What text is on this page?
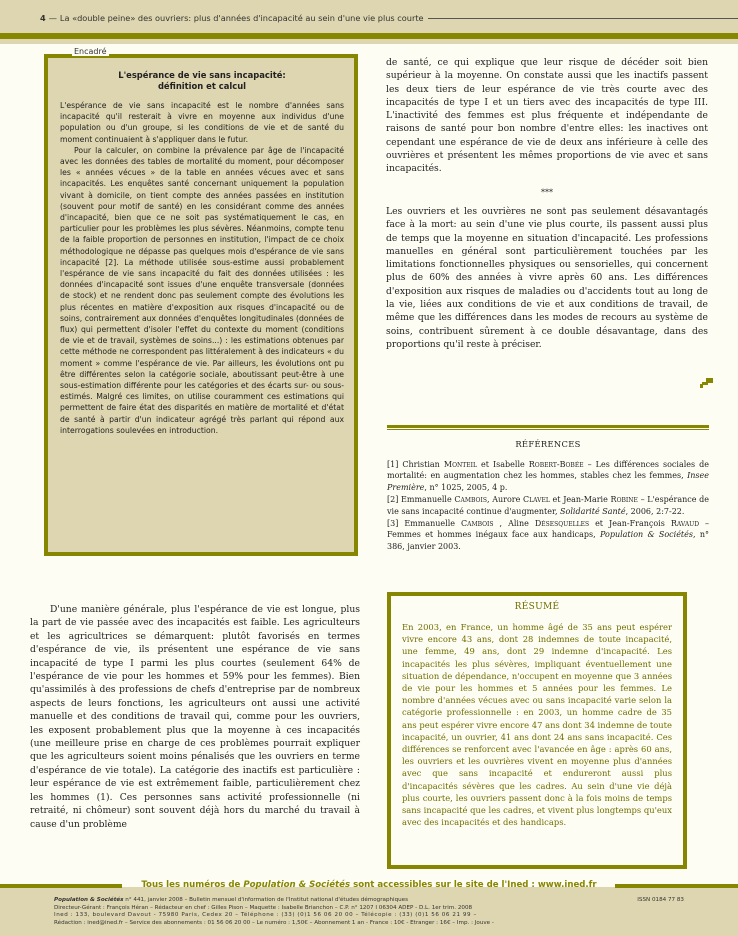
4 — La «double peine» des ouvriers: plus d'années d'incapacité au sein d'une vie plus courte
Encadré
L'espérance de vie sans incapacité:
définition et calcul

L'espérance de vie sans incapacité est le nombre d'années sans incapacité qu'il resterait à vivre en moyenne aux individus d'une population ou d'un groupe, si les conditions de vie et de santé du moment continuaient à s'appliquer dans le futur.

Pour la calculer, on combine la prévalence par âge de l'incapacité avec les données des tables de mortalité du moment, pour décomposer les « années vécues » de la table en années vécues avec et sans incapacités. Les enquêtes santé concernant uniquement la population vivant à domicile, on tient compte des années passées en institution (souvent pour motif de santé) en les considérant comme des années d'incapacité, bien que ce ne soit pas systématiquement le cas, en particulier pour les problèmes les plus sévères. Néanmoins, compte tenu de la faible proportion de personnes en institution, l'impact de ce choix méthodologique ne dépasse pas quelques mois d'espérance de vie sans incapacité [2]. La méthode utilisée sous-estime aussi probablement l'espérance de vie sans incapacité du fait des données utilisées : les données d'incapacité sont issues d'une enquête transversale (données de stock) et ne rendent donc pas seulement compte des évolutions les plus récentes en matière d'exposition aux risques d'incapacité ou de soins, contrairement aux données d'enquêtes longitudinales (données de flux) qui permettent d'isoler l'effet du contexte du moment (conditions de vie et de travail, systèmes de soins...) : les estimations obtenues par cette méthode ne correspondent pas littéralement à des indicateurs « du moment » comme l'espérance de vie. Par ailleurs, les évolutions ont pu être différentes selon la catégorie sociale, aboutissant peut-être à une sous-estimation différente pour les catégories et des écarts sur- ou sous-estimés. Malgré ces limites, on utilise couramment ces estimations qui permettent de faire état des disparités en matière de mortalité et d'état de santé à partir d'un indicateur agrégé très parlant qui répond aux interrogations soulevées en introduction.

D'une manière générale, plus l'espérance de vie est longue, plus la part de vie passée avec des incapacités est faible. Les agriculteurs et les agricultrices se démarquent: plutôt favorisés en termes d'espérance de vie, ils présentent une espérance de vie sans incapacité de type I parmi les plus courtes (seulement 64% de l'espérance de vie pour les hommes et 59% pour les femmes). Bien qu'assimilés à des professions de chefs d'entreprise par de nombreux aspects de leurs fonctions, les agriculteurs ont aussi une activité manuelle et des conditions de travail qui, comme pour les ouvriers, les exposent probablement plus que la moyenne à ces incapacités (une meilleure prise en charge de ces problèmes pourrait expliquer que les agriculteurs soient moins pénalisés que les ouvriers en terme d'espérance de vie totale). La catégorie des inactifs est particulière : leur espérance de vie est extrêmement faible, particulièrement chez les hommes (1). Ces personnes sans activité professionnelle (ni retraité, ni chômeur) sont souvent déjà hors du marché du travail à cause d'un problème

de santé, ce qui explique que leur risque de décéder soit bien supérieur à la moyenne. On constate aussi que les inactifs passent les deux tiers de leur espérance de vie très courte avec des incapacités de type I et un tiers avec des incapacités de type III. L'inactivité des femmes est plus fréquente et indépendante de raisons de santé pour bon nombre d'entre elles: les inactives ont cependant une espérance de vie de deux ans inférieure à celle des ouvrières et présentent les mêmes proportions de vie avec et sans incapacités.

***

Les ouvriers et les ouvrières ne sont pas seulement désavantagés face à la mort: au sein d'une vie plus courte, ils passent aussi plus de temps que la moyenne en situation d'incapacité. Les professions manuelles en général sont particulièrement touchées par les limitations fonctionnelles physiques ou sensorielles, qui concernent plus de 60% des années à vivre après 60 ans. Les différences d'exposition aux risques de maladies ou d'accidents tout au long de la vie, liées aux conditions de vie et aux conditions de travail, de même que les différences dans les modes de recours au système de soins, contribuent sûrement à ce double désavantage, dans des proportions qu'il reste à préciser.

RÉFÉRENCES
[1] Christian Monteil et Isabelle Robert-Bobée – Les différences sociales de mortalité: en augmentation chez les hommes, stables chez les femmes, Insee Première, n° 1025, 2005, 4 p.
[2] Emmanuelle Cambois, Aurore Clavel et Jean-Marie Robine – L'espérance de vie sans incapacité continue d'augmenter, Solidarité Santé, 2006, 2:7-22.
[3] Emmanuelle Cambois , Aline Désesquelles et Jean-François Ravaud – Femmes et hommes inégaux face aux handicaps, Population & Sociétés, n° 386, janvier 2003.
RÉSUMÉ

En 2003, en France, un homme âgé de 35 ans peut espérer vivre encore 43 ans, dont 28 indemnes de toute incapacité, une femme, 49 ans, dont 29 indemne d'incapacité. Les incapacités les plus sévères, impliquant éventuellement une situation de dépendance, n'occupent en moyenne que 3 années de vie pour les hommes et 5 années pour les femmes. Le nombre d'années vécues avec ou sans incapacité varie selon la catégorie professionnelle : en 2003, un homme cadre de 35 ans peut espérer vivre encore 47 ans dont 34 indemne de toute incapacité, un ouvrier, 41 ans dont 24 ans sans incapacité. Ces différences se renforcent avec l'avancée en âge : après 60 ans, les ouvriers et les ouvrières vivent en moyenne plus d'années avec que sans incapacité et endureront aussi plus d'incapacités sévères que les cadres. Au sein d'une vie déjà plus courte, les ouvriers passent donc à la fois moins de temps sans incapacité que les cadres, et vivent plus longtemps qu'eux avec des incapacités et des handicaps.

Tous les numéros de Population & Sociétés sont accessibles sur le site de l'Ined : www.ined.fr
Population & Sociétés n° 441, janvier 2008 – Bulletin mensuel d'information de l'Institut national d'études démographiques	ISSN 0184 77 83
Directeur-Gérant : François Héran – Rédacteur en chef : Gilles Pison – Maquette : Isabelle Brianchon – C.P. n° 1207 I 06304 ADEP - D.L. 1er trim. 2008
Ined : 133, boulevard Davout - 75980 Paris, Cedex 20 – Téléphone : (33) (0)1 56 06 20 00 – Télécopie : (33) (0)1 56 06 21 99 –
Rédaction : ined@ined.fr – Service des abonnements : 01 56 06 20 00 – Le numéro : 1,50€ – Abonnement 1 an - France : 10€ - Etranger : 16€ – Imp. : Jouve -
